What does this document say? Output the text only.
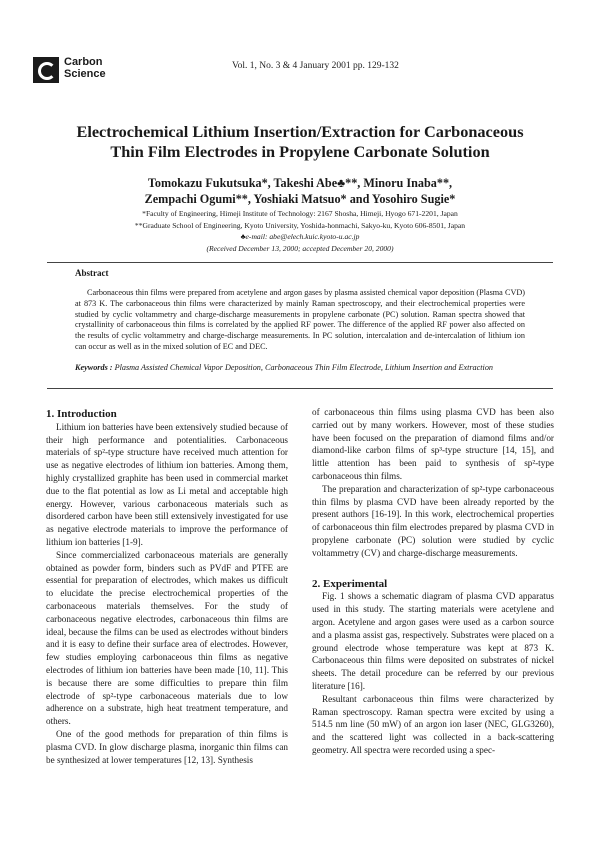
Carbon
Science
Vol. 1, No. 3 & 4 January 2001 pp. 129-132
Electrochemical Lithium Insertion/Extraction for Carbonaceous
Thin Film Electrodes in Propylene Carbonate Solution
Tomokazu Fukutsuka*, Takeshi Abe♣**, Minoru Inaba**,
Zempachi Ogumi**, Yoshiaki Matsuo* and Yosohiro Sugie*
*Faculty of Engineering, Himeji Institute of Technology: 2167 Shosha, Himeji, Hyogo 671-2201, Japan
**Graduate School of Engineering, Kyoto University, Yoshida-honmachi, Sakyo-ku, Kyoto 606-8501, Japan
♣e-mail: abe@elech.kuic.kyoto-u.ac.jp
(Received December 13, 2000; accepted December 20, 2000)
Abstract
Carbonaceous thin films were prepared from acetylene and argon gases by plasma assisted chemical vapor deposition (Plasma CVD) at 873 K. The carbonaceous thin films were characterized by mainly Raman spectroscopy, and their electrochemical properties were studied by cyclic voltammetry and charge-discharge measurements in propylene carbonate (PC) solution. Raman spectra showed that crystallinity of carbonaceous thin films is correlated by the applied RF power. The difference of the applied RF power also affected on the results of cyclic voltammetry and charge-discharge measurements. In PC solution, intercalation and de-intercalation of lithium ion can occur as well as in the mixed solution of EC and DEC.
Keywords : Plasma Assisted Chemical Vapor Deposition, Carbonaceous Thin Film Electrode, Lithium Insertion and Extraction

1. Introduction

Lithium ion batteries have been extensively studied because of their high performance and potentialities. Carbonaceous materials of sp²-type structure have received much attention for use as negative electrodes of lithium ion batteries. Among them, highly crystallized graphite has been used in commercial market due to the flat potential as low as Li metal and acceptable high energy. However, various carbonaceous materials such as disordered carbon have been still extensively investigated for use as negative electrode materials to improve the performance of lithium ion batteries [1-9].

Since commercialized carbonaceous materials are generally obtained as powder form, binders such as PVdF and PTFE are essential for preparation of electrodes, which makes us difficult to elucidate the precise electrochemical properties of the carbonaceous materials themselves. For the study of carbonaceous negative electrodes, carbonaceous thin films are ideal, because the films can be used as electrodes without binders and it is easy to define their surface area of electrodes. However, few studies employing carbonaceous thin films as negative electrodes of lithium ion batteries have been made [10, 11]. This is because there are some difficulties to prepare thin film electrode of sp²-type carbonaceous materials due to low adherence on a substrate, high heat treatment temperature, and others.

One of the good methods for preparation of thin films is plasma CVD. In glow discharge plasma, inorganic thin films can be synthesized at lower temperatures [12, 13]. Synthesis

of carbonaceous thin films using plasma CVD has been also carried out by many workers. However, most of these studies have been focused on the preparation of diamond films and/or diamond-like carbon films of sp³-type structure [14, 15], and little attention has been paid to synthesis of sp²-type carbonaceous thin films.

The preparation and characterization of sp²-type carbonaceous thin films by plasma CVD have been already reported by the present authors [16-19]. In this work, electrochemical properties of carbonaceous thin film electrodes prepared by plasma CVD in propylene carbonate (PC) solution were studied by cyclic voltammetry (CV) and charge-discharge measurements.

2. Experimental

Fig. 1 shows a schematic diagram of plasma CVD apparatus used in this study. The starting materials were acetylene and argon. Acetylene and argon gases were used as a carbon source and a plasma assist gas, respectively. Substrates were placed on a ground electrode whose temperature was kept at 873 K. Carbonaceous thin films were deposited on substrates of nickel sheets. The detail procedure can be referred by our previous literature [16].

Resultant carbonaceous thin films were characterized by Raman spectroscopy. Raman spectra were excited by using a 514.5 nm line (50 mW) of an argon ion laser (NEC, GLG3260), and the scattered light was collected in a back-scattering geometry. All spectra were recorded using a spec-
